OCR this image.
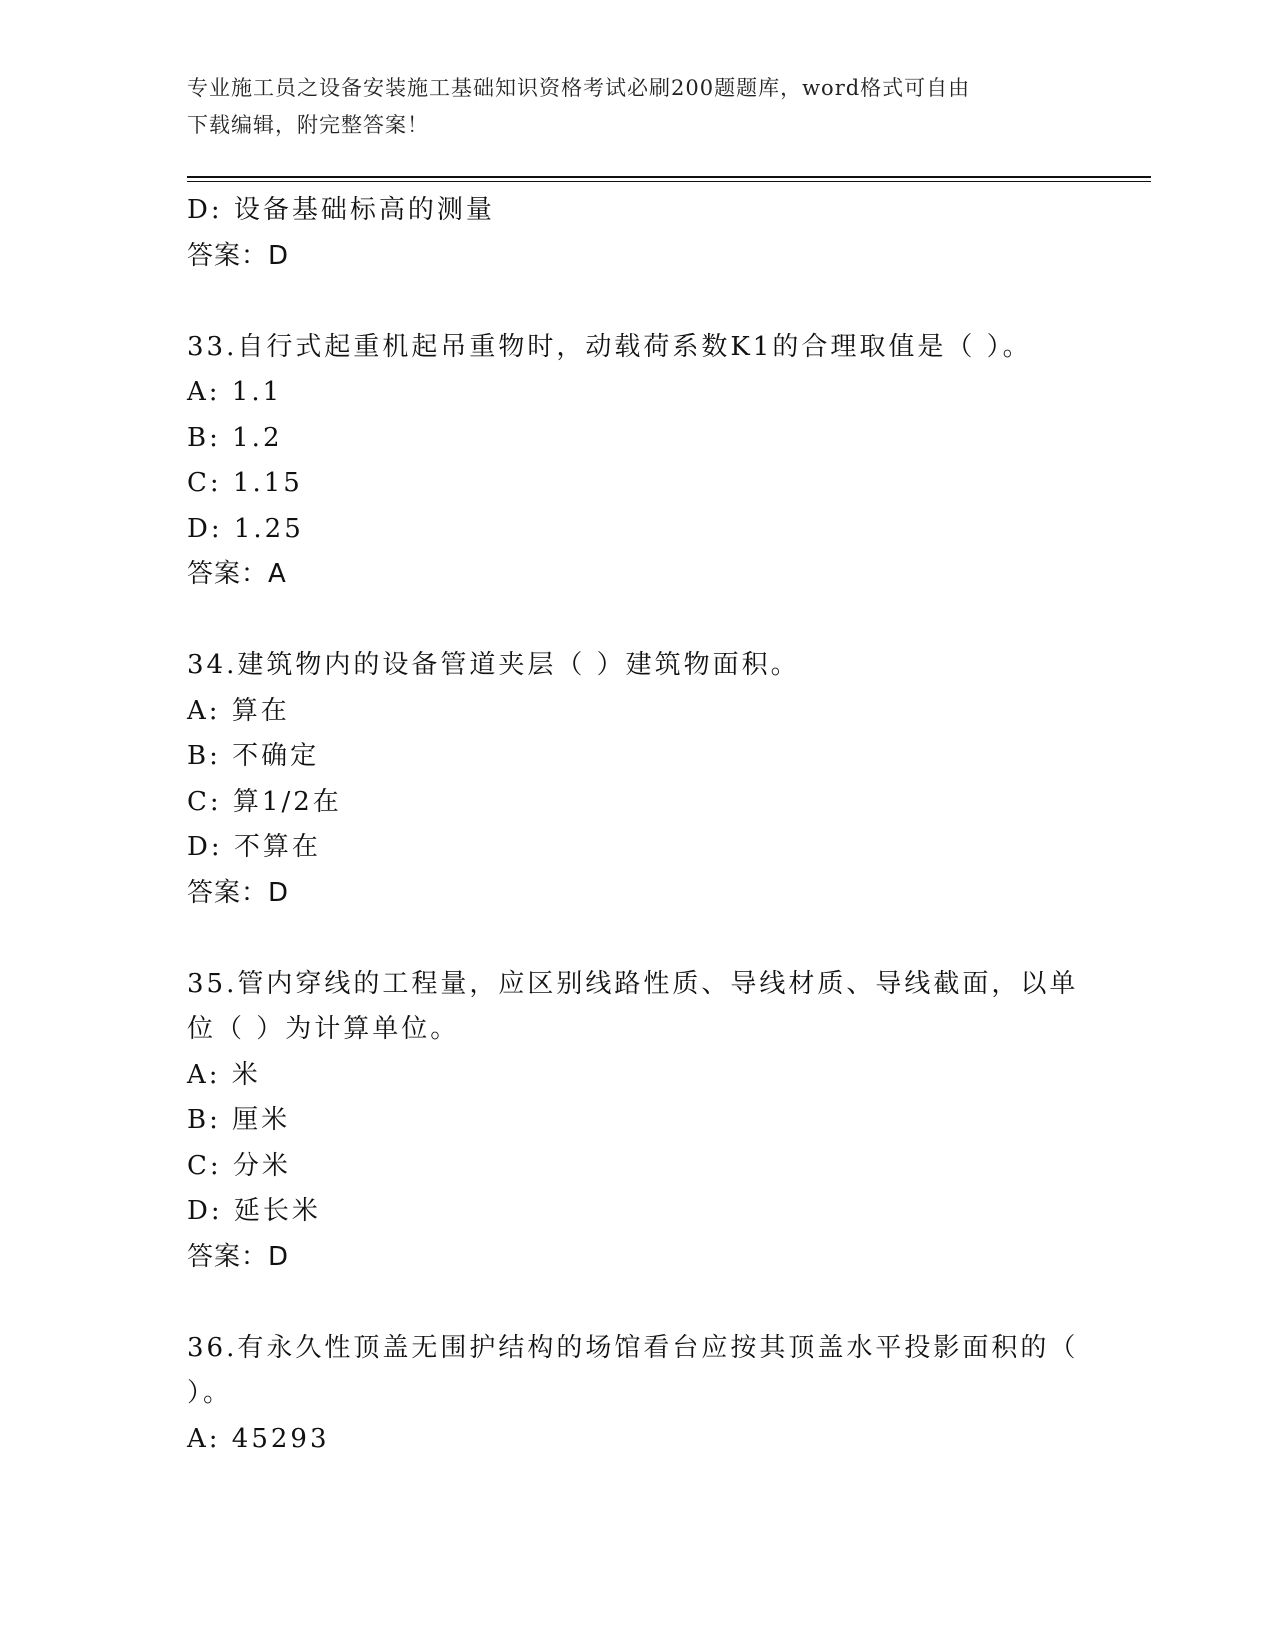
专业施工员之设备安装施工基础知识资格考试必刷200题题库，word格式可自由
下载编辑，附完整答案！
D: 设备基础标高的测量
答案：D
33.自行式起重机起吊重物时，动载荷系数K1的合理取值是（ ）。
A: 1.1
B: 1.2
C: 1.15
D: 1.25
答案：A
34.建筑物内的设备管道夹层（ ）建筑物面积。
A: 算在
B: 不确定
C: 算1/2在
D: 不算在
答案：D
35.管内穿线的工程量，应区别线路性质、导线材质、导线截面，以单
位（ ）为计算单位。
A: 米
B: 厘米
C: 分米
D: 延长米
答案：D
36.有永久性顶盖无围护结构的场馆看台应按其顶盖水平投影面积的（
）。
A: 45293
